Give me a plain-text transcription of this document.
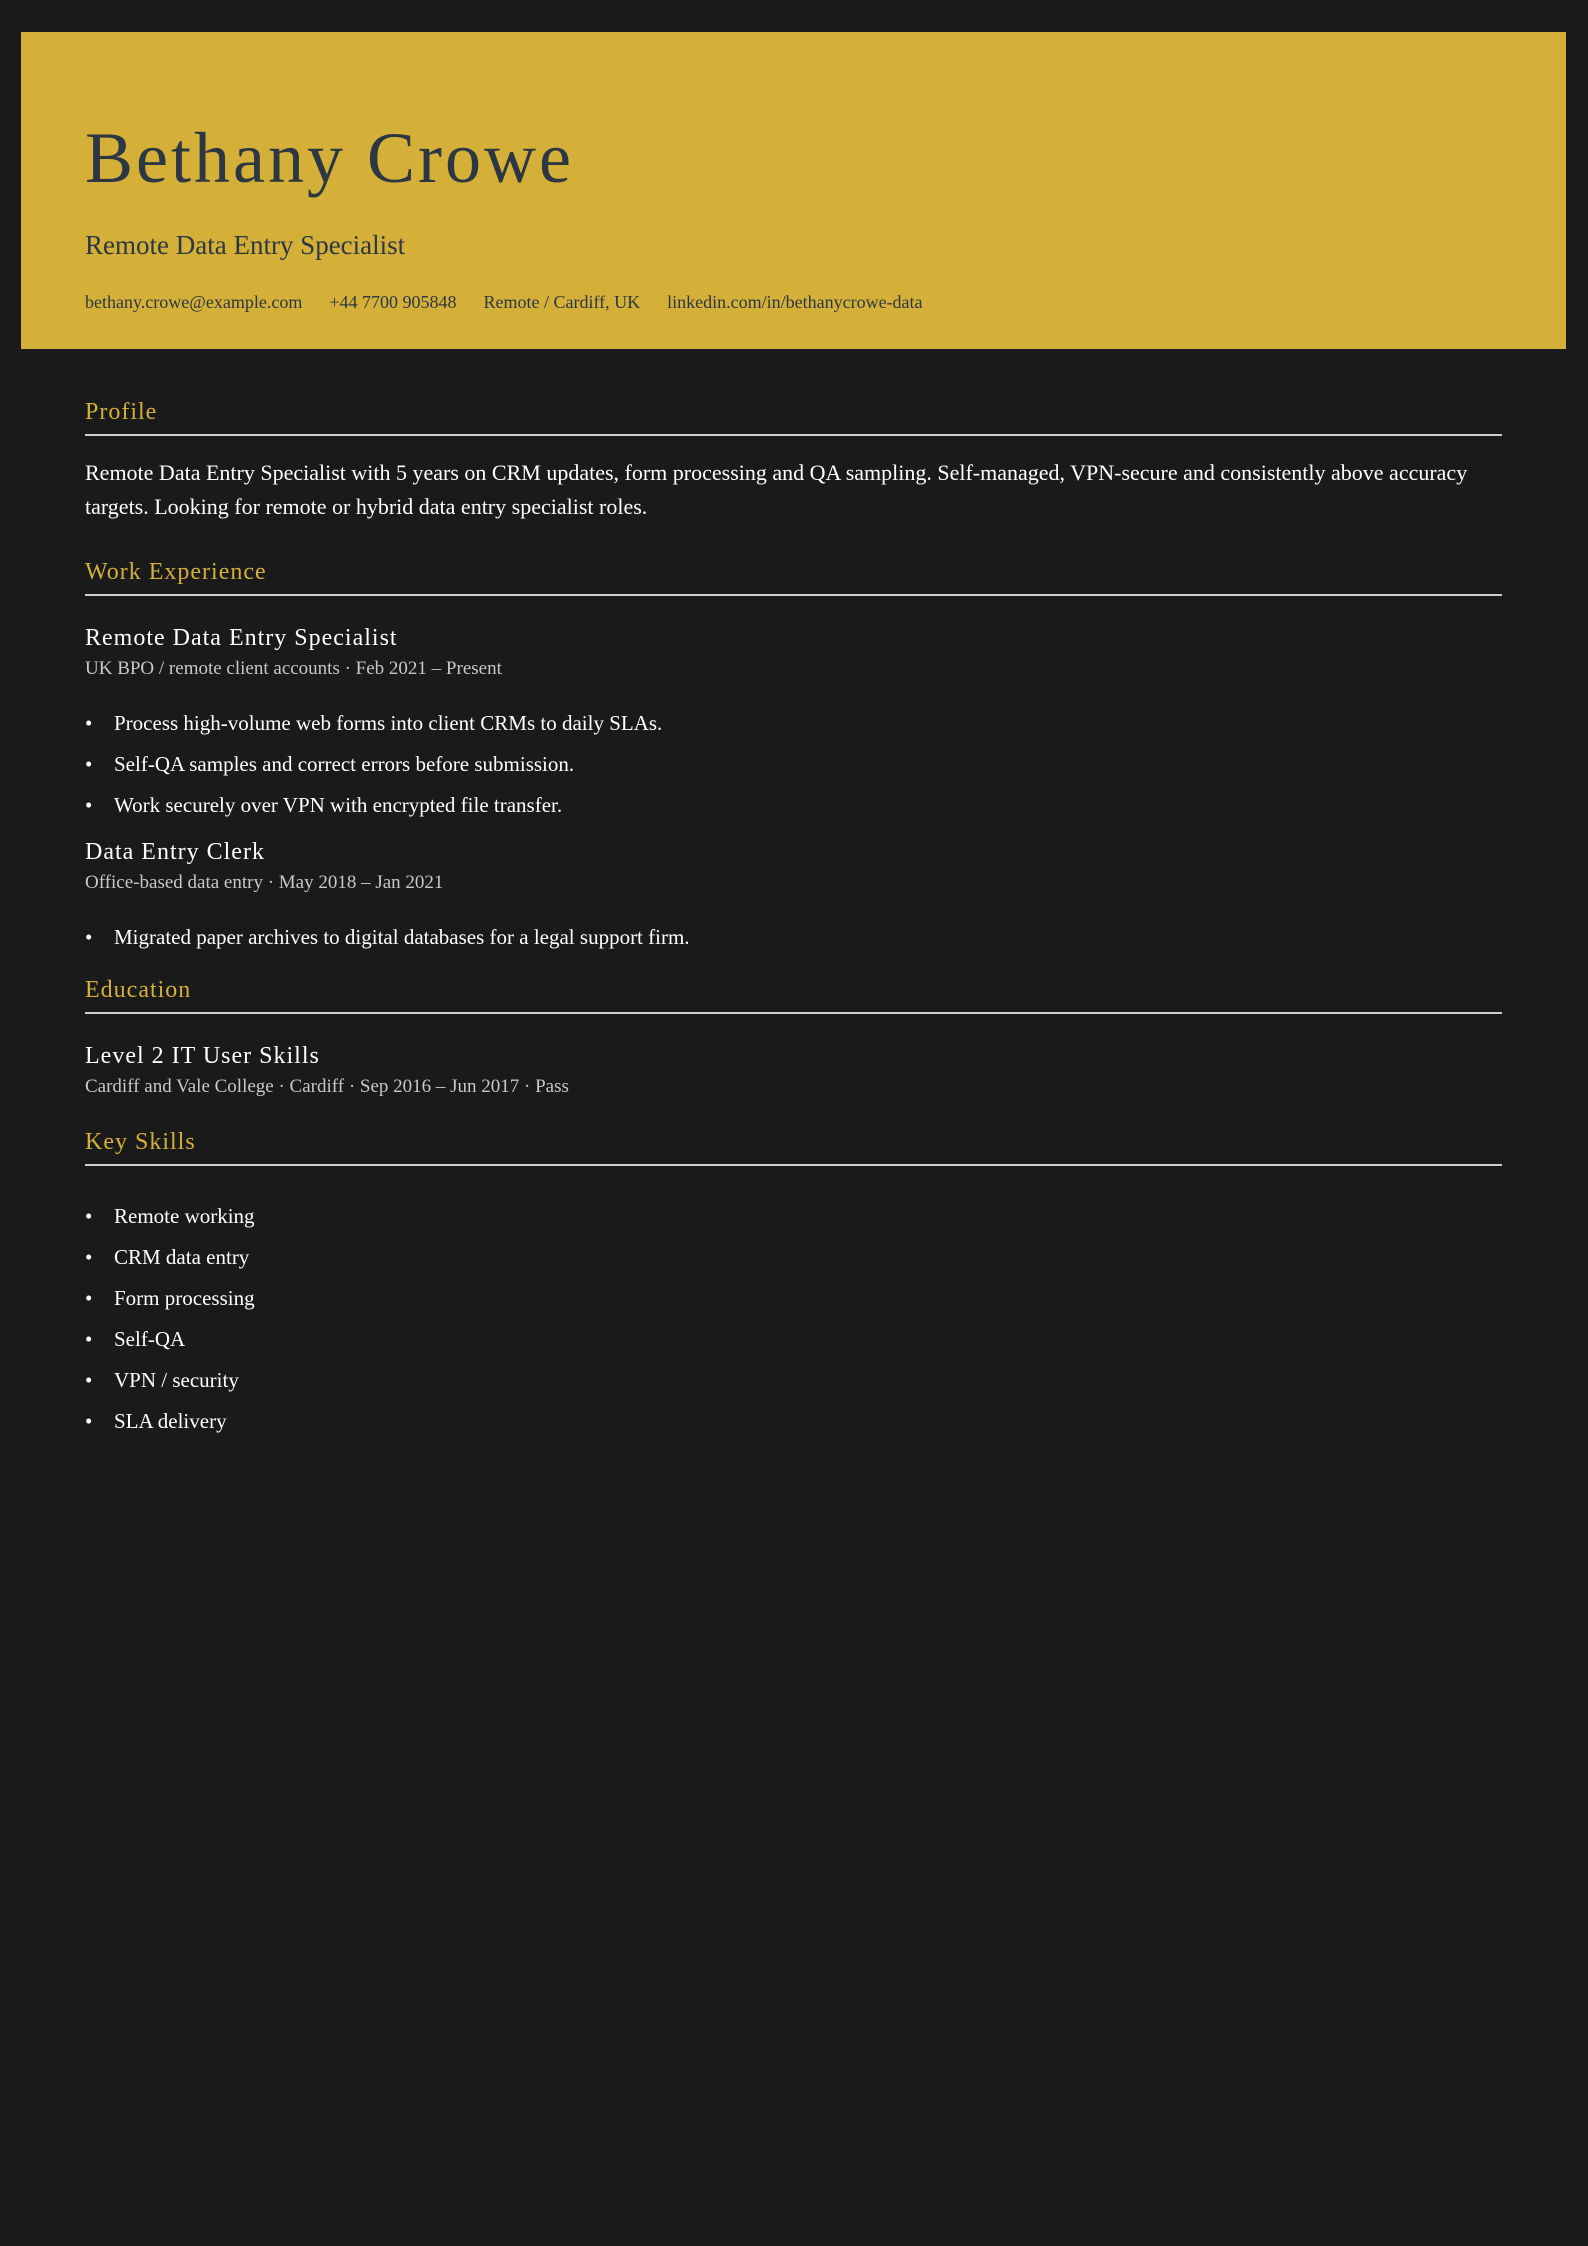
Bethany Crowe
Remote Data Entry Specialist
bethany.crowe@example.com +44 7700 905848 Remote / Cardiff, UK linkedin.com/in/bethanycrowe-data
Profile
Remote Data Entry Specialist with 5 years on CRM updates, form processing and QA sampling. Self-managed, VPN-secure and consistently above accuracy targets. Looking for remote or hybrid data entry specialist roles.
Work Experience
Remote Data Entry Specialist
UK BPO / remote client accounts · Feb 2021 – Present
• Process high-volume web forms into client CRMs to daily SLAs.
• Self-QA samples and correct errors before submission.
• Work securely over VPN with encrypted file transfer.
Data Entry Clerk
Office-based data entry · May 2018 – Jan 2021
• Migrated paper archives to digital databases for a legal support firm.
Education
Level 2 IT User Skills
Cardiff and Vale College · Cardiff · Sep 2016 – Jun 2017 · Pass
Key Skills
• Remote working
• CRM data entry
• Form processing
• Self-QA
• VPN / security
• SLA delivery
